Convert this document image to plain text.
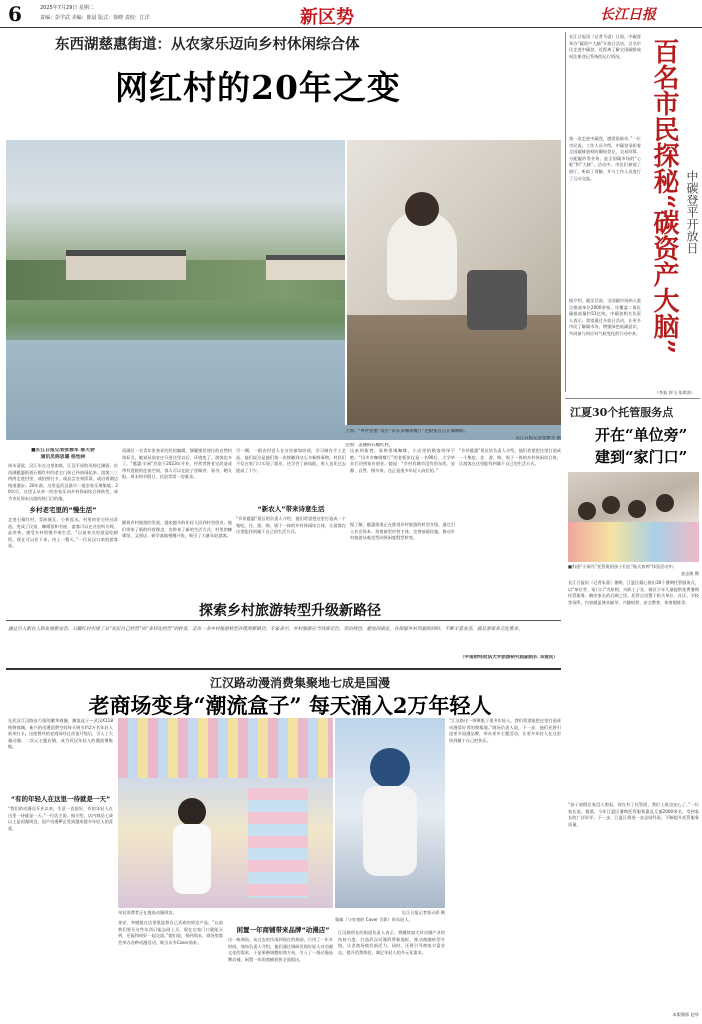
6	2025年7月29日 星期二
责编：彭学武 美编：陈晨 版式：徐晓 责校：江洋	新区势	长江日报
东西湖慈惠街道：从农家乐迈向乡村休闲综合体
网红村的20年之变
上图：“乡伴慈惠”景区“田多多咖啡餐厅”老板张仪正在做咖啡。
长江日报记者张雅军 摄
左图：美丽的石榴红村。
■长江日报记者张雅军 郝天骄
通讯员陈思璐 杨怡林
周末清晨，汉江水在这里如练，江汉平原的风掠过湖面，东西湖慈惠街道石榴红村的老宅门前已经热闹起来。游客三三两两走进村里，或拍照打卡，或品尝农家饭菜，或沿着湖边栈道漫步。20年前，这里是武汉最早一批农家乐聚集地；20年后，这里正从单一的农家乐向乡村休闲综合体转型，成为市民周末出游的热门目的地。
乡村老宅里的“慢生活”
走进石榴红村，青砖黛瓦、小桥流水。村里的老宅经过改造，变成了民宿、咖啡馆和书屋。游客可以在这里听鸟鸣、品茶香，感受乡村的慢节奏生活。“以前来这里就是吃顿饭，现在可以住下来，待上一整天。”一位从汉口来的游客说。
西湖区一名青年张奎祥的民宿编辑，频繁推荐途径的自然村落标引，她说从前农庄开进这里以后，环境变了，游客也多了。“慈惠·半闲”民宿于2023年开业，经营者将老宅改造成带有庭院的住宿空间，客人可以在院子里喝茶、看书、晒太阳。周末和节假日，民宿常常一房难求。
随着乡村旅游的发展，越来越多的年轻人回到村里创业。他们带来了新的经营理念，也带来了新的生活方式。村里的咖啡馆、文创店、研学基地相继开张，吸引了大量年轻游客。
另一侧，一群农村老人在这里参加培训，学习制作手工艺品，他们说这是他们第一次接触到这么多新鲜事物。村民们不仅在家门口实现了就业，还学会了新技能，收入也比过去提高了不少。
“新农人”带来诗意生活
“乡伴慈惠”景区的负责人介绍，他们希望把这里打造成一个集吃、住、游、购、娱于一体的乡村休闲综合体，让游客在这里能找到属于自己的生活方式。
出来到街巷，看格里喝咖啡，小店里的顾客络绎不绝。“田多多咖啡餐厅”的老板张仪是一名90后，大学毕业后回到家乡创业。她说：“乡村有城市没有的东西，安静、自然、慢节奏，这正是很多年轻人向往的。”
据了解，慈惠街道正在推进乡村旅游的转型升级，通过引入社会资本、培育新型经营主体、完善基础设施，推动乡村旅游从观光型向休闲度假型转变。
“乡伴慈惠”景区的负责人介绍，他们希望把这里打造成一个集吃、住、游、购、娱于一体的乡村休闲综合体，让游客在这里能找到属于自己的生活方式。
探索乡村旅游转型升级新路径
通过引入新农人和发展新业态，石榴红村实现了从“农民自己经营”向“多样化经营”的转变，走出一条乡村旅游转型升级的新路径。专家表示，乡村旅游应当找准定位，突出特色，避免同质化，在保留乡村风貌的同时，不断丰富业态，满足游客多元化需求。
（中南财经政法大学旅游研究院副院长 邓爱民）
长江日报讯（记者马睿）日前，中碳登举办“碳资产大脑”开放日活动，百名市民走进中碳登，近距离了解全国碳排放权注册登记系统的运行情况。
第一次走进中碳登，感觉很新奇。”一位市民说。工作人员介绍，中碳登承担着全国碳排放权的确权登记、交易结算、分配履约等业务，是全国碳市场的“心脏”和“大脑”。活动中，市民们参观了展厅，听取了讲解，并与工作人员进行了互动交流。
据介绍，截至目前，全国碳市场纳入重点排放单位2000余家，年覆盖二氧化碳排放量约51亿吨。中碳登相关负责人表示，希望通过开放日活动，让更多市民了解碳市场，增强绿色低碳意识，共同参与到应对气候变化的行动中来。
（李枭 郭飞 张琪涛）
百名市民探秘“碳资产大脑” 中碳登平开放日
江夏30个托管服务点
开在“单位旁”
建到“家门口”
■科创“小候鸟”托管班的孩子们在“航天育种”体验活动中。
金志敏 摄
长江日报讯（记者朱熹）暑期，江夏区精心推出30个暑期托管服务点，以“单位旁、家门口”为原则，为职工子女、辖区少年儿童提供免费暑期托管服务，解决家长的后顾之忧。托管点设置于机关单位、社区、学校等场所，内容涵盖课业辅导、兴趣培养、安全教育、体育锻炼等。
“孩子放假在家没人照看，现在有了托管班，我们上班也安心了。”一位家长说。据悉，今年江夏区暑期托管服务惠及儿童2000余名，受到家长的广泛好评。下一步，江夏区将进一步总结经验，不断提升托管服务质量。
本版摄影 赵华
江汉路动漫消费集聚地七成是国漫
老商场变身“潮流盒子” 每天涌入2万年轻人
在武汉江汉路步行街的繁华商圈，潮流盒子—武汉X118购物商城，新兴的动漫消费空间每天吸引约2万名年轻人前来打卡。这座曾经的老商场经过改造升级后，引入了大量动漫、二次元主题店铺，成为武汉年轻人的潮流聚集地。
“有的年轻人在这里一待就是一天”
“我们的动漫店开业以来，生意一直很好，有的年轻人在这里一待就是一天。”一位店主说。据介绍，店内商品七成以上是国漫周边，国产动漫IP正受到越来越多年轻人的喜爱。
年轻消费者正在挑选动漫周边。	长江日报记者郭天骄 摄
集邮（与有效的 Cover 合影）的年轻人。
金安、李媛媛在店里挑选着自己喜欢的周边产品。“以前我们要买这些东西只能去网上买，现在在家门口就能买到，还能和同好一起交流。”她们说，每到周末，商场里都会举办各种动漫活动，吸引众多Coser前来。
闲置一年商铺带来品牌“动漫店”
这一栋商场，从过去的冷清到现在的热闹，只用了一年多时间。商场负责人介绍，他们通过调研发现年轻人对动漫文化的需求，于是果断调整招商方向，引入了一批动漫品牌店铺，闲置一年的商铺很快全部租出。
江汉路所在的街道负责人表示，将继续加大对动漫产业的扶持力度，打造武汉动漫消费新地标，推动商圈转型升级，让老商场焕发新活力。同时，还将引导商家丰富业态，提升消费体验，满足年轻人的多元化需求。
“江汉路这一带聚集了很多年轻人，我们希望能把这里打造成动漫爱好者的聚集地。”商场负责人说，下一步，他们还将引进更多国漫品牌，举办更多主题活动，让更多年轻人在这里找到属于自己的快乐。
